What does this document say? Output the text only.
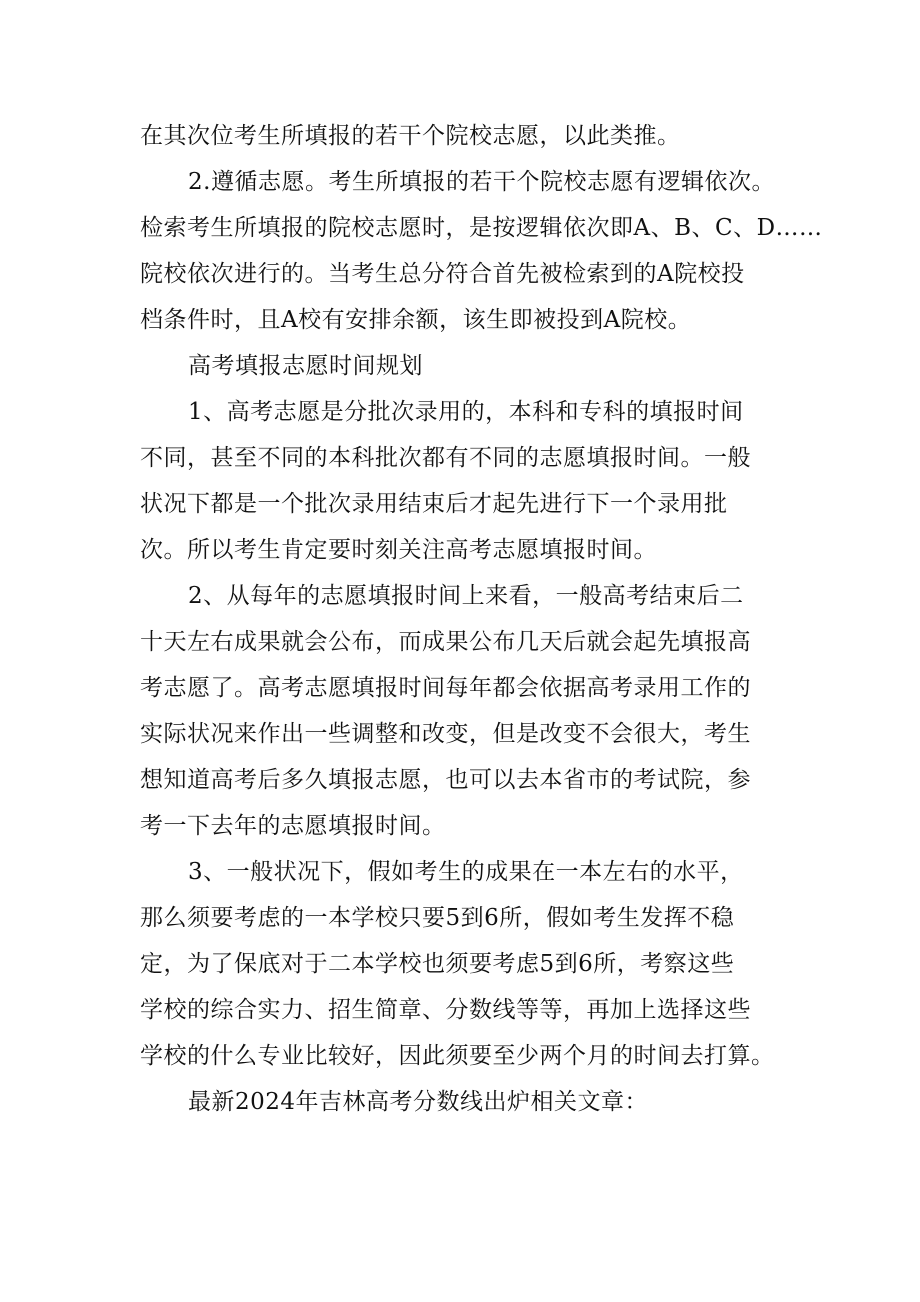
在其次位考生所填报的若干个院校志愿，以此类推。
2.遵循志愿。考生所填报的若干个院校志愿有逻辑依次。
检索考生所填报的院校志愿时，是按逻辑依次即A、B、C、D……
院校依次进行的。当考生总分符合首先被检索到的A院校投
档条件时，且A校有安排余额，该生即被投到A院校。
高考填报志愿时间规划
1、高考志愿是分批次录用的，本科和专科的填报时间
不同，甚至不同的本科批次都有不同的志愿填报时间。一般
状况下都是一个批次录用结束后才起先进行下一个录用批
次。所以考生肯定要时刻关注高考志愿填报时间。
2、从每年的志愿填报时间上来看，一般高考结束后二
十天左右成果就会公布，而成果公布几天后就会起先填报高
考志愿了。高考志愿填报时间每年都会依据高考录用工作的
实际状况来作出一些调整和改变，但是改变不会很大，考生
想知道高考后多久填报志愿，也可以去本省市的考试院，参
考一下去年的志愿填报时间。
3、一般状况下，假如考生的成果在一本左右的水平，
那么须要考虑的一本学校只要5到6所，假如考生发挥不稳
定，为了保底对于二本学校也须要考虑5到6所，考察这些
学校的综合实力、招生简章、分数线等等，再加上选择这些
学校的什么专业比较好，因此须要至少两个月的时间去打算。
最新2024年吉林高考分数线出炉相关文章：
